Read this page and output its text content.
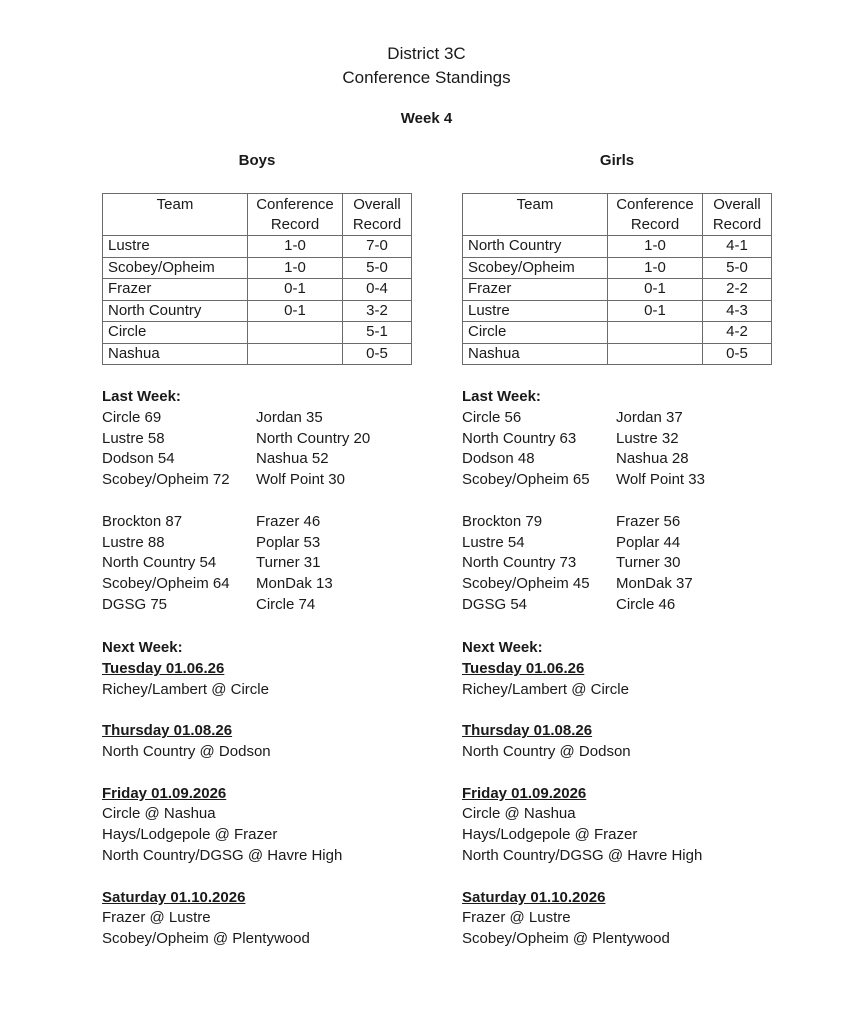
District 3C
Conference Standings
Week 4
Boys
Team	Conference Record	Overall Record
Lustre	1-0	7-0
Scobey/Opheim	1-0	5-0
Frazer	0-1	0-4
North Country	0-1	3-2
Circle		5-1
Nashua		0-5
Last Week:
Circle 69	Jordan 35
Lustre 58	North Country 20
Dodson 54	Nashua 52
Scobey/Opheim 72	Wolf Point 30
Brockton 87	Frazer 46
Lustre 88	Poplar 53
North Country 54	Turner 31
Scobey/Opheim 64	MonDak 13
DGSG 75	Circle 74
Next Week:
Tuesday 01.06.26
Richey/Lambert @ Circle
Thursday 01.08.26
North Country @ Dodson
Friday 01.09.2026
Circle @ Nashua
Hays/Lodgepole @ Frazer
North Country/DGSG @ Havre High
Saturday 01.10.2026
Frazer @ Lustre
Scobey/Opheim @ Plentywood
Girls
Team	Conference Record	Overall Record
North Country	1-0	4-1
Scobey/Opheim	1-0	5-0
Frazer	0-1	2-2
Lustre	0-1	4-3
Circle		4-2
Nashua		0-5
Last Week:
Circle 56	Jordan 37
North Country 63	Lustre 32
Dodson 48	Nashua 28
Scobey/Opheim 65	Wolf Point 33
Brockton 79	Frazer 56
Lustre 54	Poplar 44
North Country 73	Turner 30
Scobey/Opheim 45	MonDak 37
DGSG 54	Circle 46
Next Week:
Tuesday 01.06.26
Richey/Lambert @ Circle
Thursday 01.08.26
North Country @ Dodson
Friday 01.09.2026
Circle @ Nashua
Hays/Lodgepole @ Frazer
North Country/DGSG @ Havre High
Saturday 01.10.2026
Frazer @ Lustre
Scobey/Opheim @ Plentywood
